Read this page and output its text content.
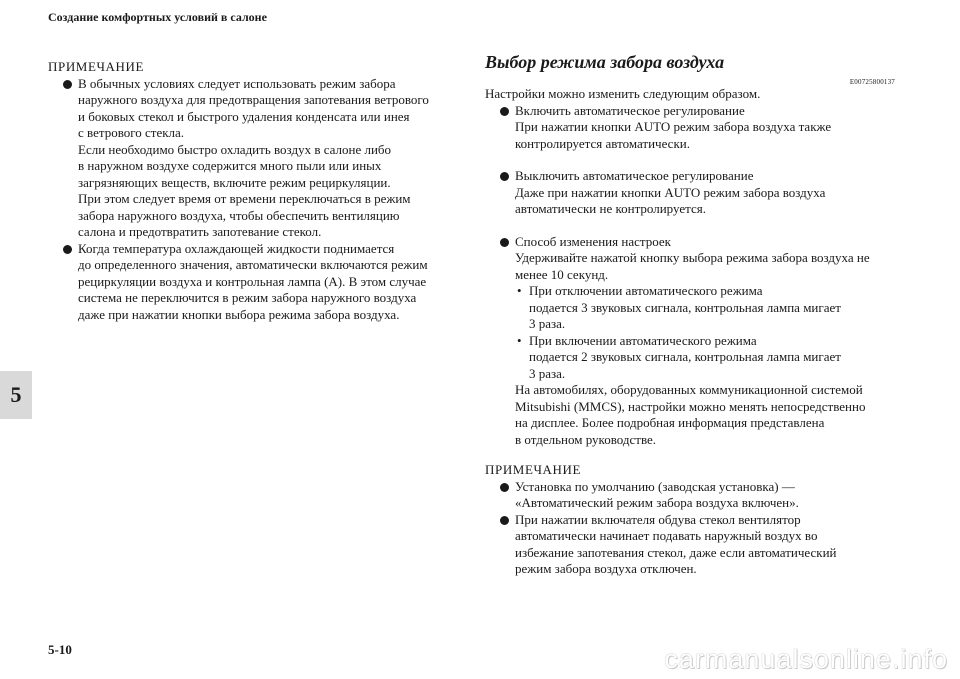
Создание комфортных условий в салоне
5
ПРИМЕЧАНИЕ
В обычных условиях следует использовать режим забора
наружного воздуха для предотвращения запотевания ветрового
и боковых стекол и быстрого удаления конденсата или инея
с ветрового стекла.
Если необходимо быстро охладить воздух в салоне либо
в наружном воздухе содержится много пыли или иных
загрязняющих веществ, включите режим рециркуляции.
При этом следует время от времени переключаться в режим
забора наружного воздуха, чтобы обеспечить вентиляцию
салона и предотвратить запотевание стекол.
Когда температура охлаждающей жидкости поднимается
до определенного значения, автоматически включаются режим
рециркуляции воздуха и контрольная лампа (A). В этом случае
система не переключится в режим забора наружного воздуха
даже при нажатии кнопки выбора режима забора воздуха.
Выбор режима забора воздуха
E00725800137
Настройки можно изменить следующим образом.
Включить автоматическое регулирование
При нажатии кнопки AUTO режим забора воздуха также
контролируется автоматически.
Выключить автоматическое регулирование
Даже при нажатии кнопки AUTO режим забора воздуха
автоматически не контролируется.
Способ изменения настроек
Удерживайте нажатой кнопку выбора режима забора воздуха не
менее 10 секунд.
• При отключении автоматического режима
подается 3 звуковых сигнала, контрольная лампа мигает
3 раза.
• При включении автоматического режима
подается 2 звуковых сигнала, контрольная лампа мигает
3 раза.
На автомобилях, оборудованных коммуникационной системой
Mitsubishi (MMCS), настройки можно менять непосредственно
на дисплее. Более подробная информация представлена
в отдельном руководстве.
ПРИМЕЧАНИЕ
Установка по умолчанию (заводская установка) —
«Автоматический режим забора воздуха включен».
При нажатии включателя обдува стекол вентилятор
автоматически начинает подавать наружный воздух во
избежание запотевания стекол, даже если автоматический
режим забора воздуха отключен.
5-10	carmanualsonline.info
